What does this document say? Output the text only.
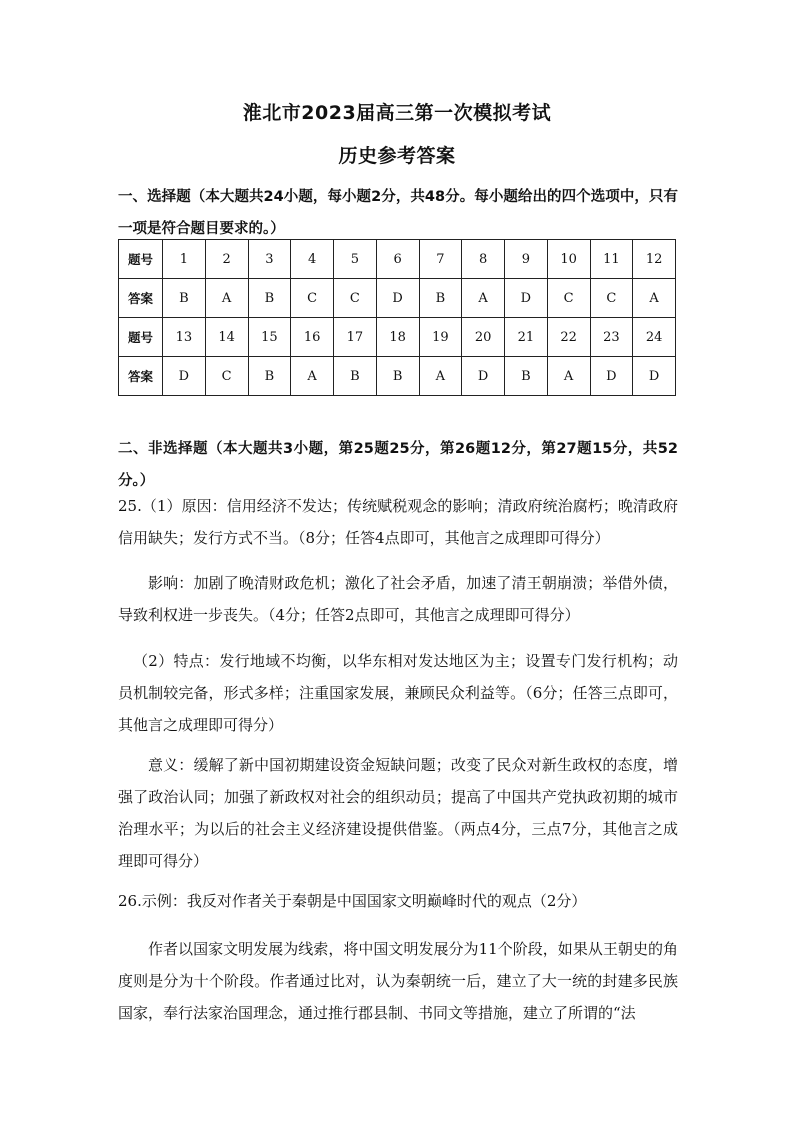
淮北市2023届高三第一次模拟考试
历史参考答案

一、选择题（本大题共24小题，每小题2分，共48分。每小题给出的四个选项中，只有一项是符合题目要求的。）

题号	1	2	3	4	5	6	7	8	9	10	11	12
答案	B	A	B	C	C	D	B	A	D	C	C	A
题号	13	14	15	16	17	18	19	20	21	22	23	24
答案	D	C	B	A	B	B	A	D	B	A	D	D

二、非选择题（本大题共3小题，第25题25分，第26题12分，第27题15分，共52分。）

25.（1）原因：信用经济不发达；传统赋税观念的影响；清政府统治腐朽；晚清政府信用缺失；发行方式不当。（8分；任答4点即可，其他言之成理即可得分）

影响：加剧了晚清财政危机；激化了社会矛盾，加速了清王朝崩溃；举借外债，导致利权进一步丧失。（4分；任答2点即可，其他言之成理即可得分）

（2）特点：发行地域不均衡，以华东相对发达地区为主；设置专门发行机构；动员机制较完备，形式多样；注重国家发展，兼顾民众利益等。（6分；任答三点即可，其他言之成理即可得分）

意义：缓解了新中国初期建设资金短缺问题；改变了民众对新生政权的态度，增强了政治认同；加强了新政权对社会的组织动员；提高了中国共产党执政初期的城市治理水平；为以后的社会主义经济建设提供借鉴。（两点4分，三点7分，其他言之成理即可得分）

26.示例：我反对作者关于秦朝是中国国家文明巅峰时代的观点（2分）

作者以国家文明发展为线索，将中国文明发展分为11个阶段，如果从王朝史的角度则是分为十个阶段。作者通过比对，认为秦朝统一后，建立了大一统的封建多民族国家，奉行法家治国理念，通过推行郡县制、书同文等措施，建立了所谓的“法
